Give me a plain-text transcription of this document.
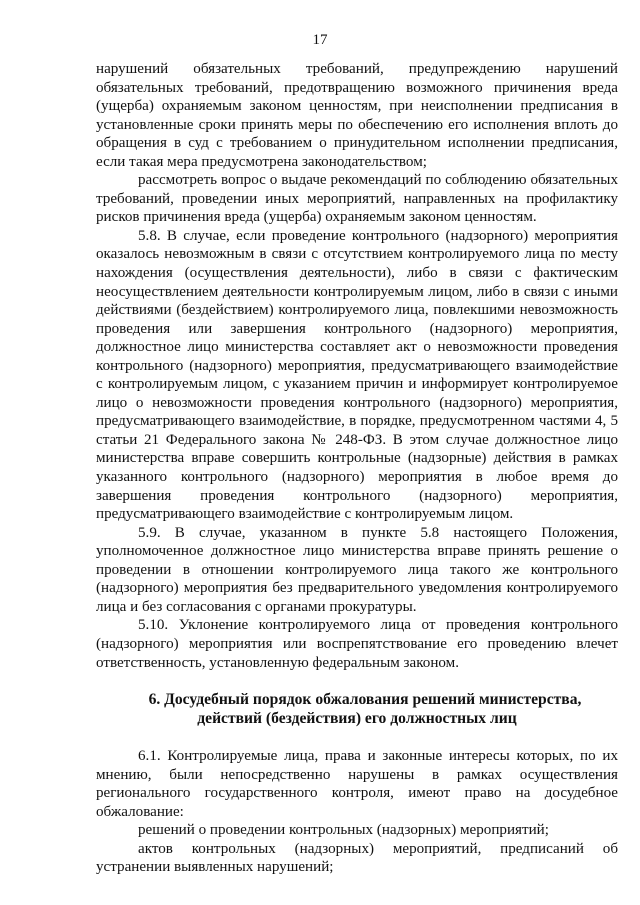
17

нарушений обязательных требований, предупреждению нарушений обязательных требований, предотвращению возможного причинения вреда (ущерба) охраняемым законом ценностям, при неисполнении предписания в установленные сроки принять меры по обеспечению его исполнения вплоть до обращения в суд с требованием о принудительном исполнении предписания, если такая мера предусмотрена законодательством;

рассмотреть вопрос о выдаче рекомендаций по соблюдению обязательных требований, проведении иных мероприятий, направленных на профилактику рисков причинения вреда (ущерба) охраняемым законом ценностям.

5.8. В случае, если проведение контрольного (надзорного) мероприятия оказалось невозможным в связи с отсутствием контролируемого лица по месту нахождения (осуществления деятельности), либо в связи с фактическим неосуществлением деятельности контролируемым лицом, либо в связи с иными действиями (бездействием) контролируемого лица, повлекшими невозможность проведения или завершения контрольного (надзорного) мероприятия, должностное лицо министерства составляет акт о невозможности проведения контрольного (надзорного) мероприятия, предусматривающего взаимодействие с контролируемым лицом, с указанием причин и информирует контролируемое лицо о невозможности проведения контрольного (надзорного) мероприятия, предусматривающего взаимодействие, в порядке, предусмотренном частями 4, 5 статьи 21 Федерального закона № 248-ФЗ. В этом случае должностное лицо министерства вправе совершить контрольные (надзорные) действия в рамках указанного контрольного (надзорного) мероприятия в любое время до завершения проведения контрольного (надзорного) мероприятия, предусматривающего взаимодействие с контролируемым лицом.

5.9. В случае, указанном в пункте 5.8 настоящего Положения, уполномоченное должностное лицо министерства вправе принять решение о проведении в отношении контролируемого лица такого же контрольного (надзорного) мероприятия без предварительного уведомления контролируемого лица и без согласования с органами прокуратуры.

5.10. Уклонение контролируемого лица от проведения контрольного (надзорного) мероприятия или воспрепятствование его проведению влечет ответственность, установленную федеральным законом.

6. Досудебный порядок обжалования решений министерства,
действий (бездействия) его должностных лиц

6.1. Контролируемые лица, права и законные интересы которых, по их мнению, были непосредственно нарушены в рамках осуществления регионального государственного контроля, имеют право на досудебное обжалование:

решений о проведении контрольных (надзорных) мероприятий;

актов контрольных (надзорных) мероприятий, предписаний об устранении выявленных нарушений;
